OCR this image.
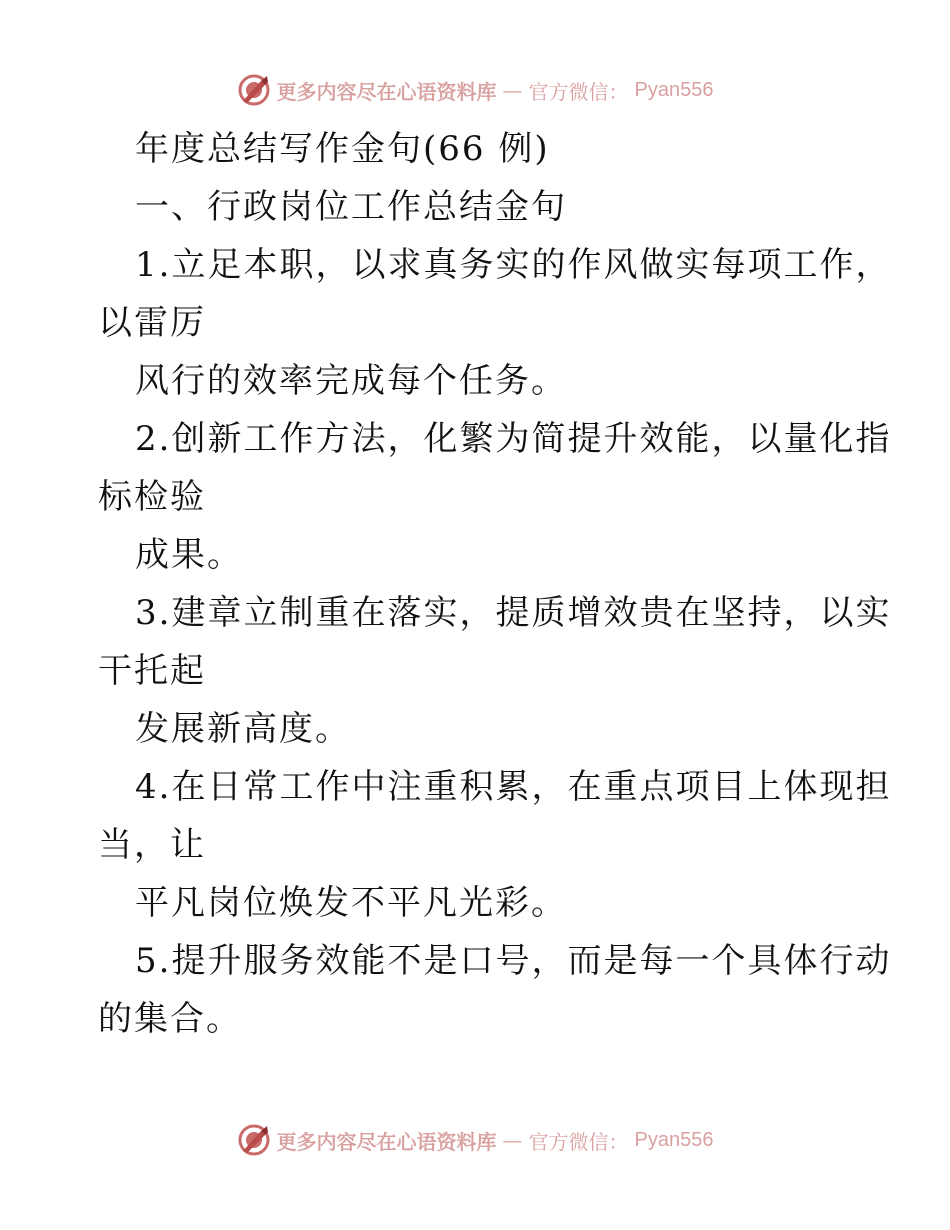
更多内容尽在心语资料库 — 官方微信： Pyan556
年度总结写作金句(66 例)
一、行政岗位工作总结金句
1.立足本职，以求真务实的作风做实每项工作，
以雷厉
风行的效率完成每个任务。
2.创新工作方法，化繁为简提升效能，以量化指
标检验
成果。
3.建章立制重在落实，提质增效贵在坚持，以实
干托起
发展新高度。
4.在日常工作中注重积累，在重点项目上体现担
当，让
平凡岗位焕发不平凡光彩。
5.提升服务效能不是口号，而是每一个具体行动
的集合。
更多内容尽在心语资料库 — 官方微信： Pyan556
